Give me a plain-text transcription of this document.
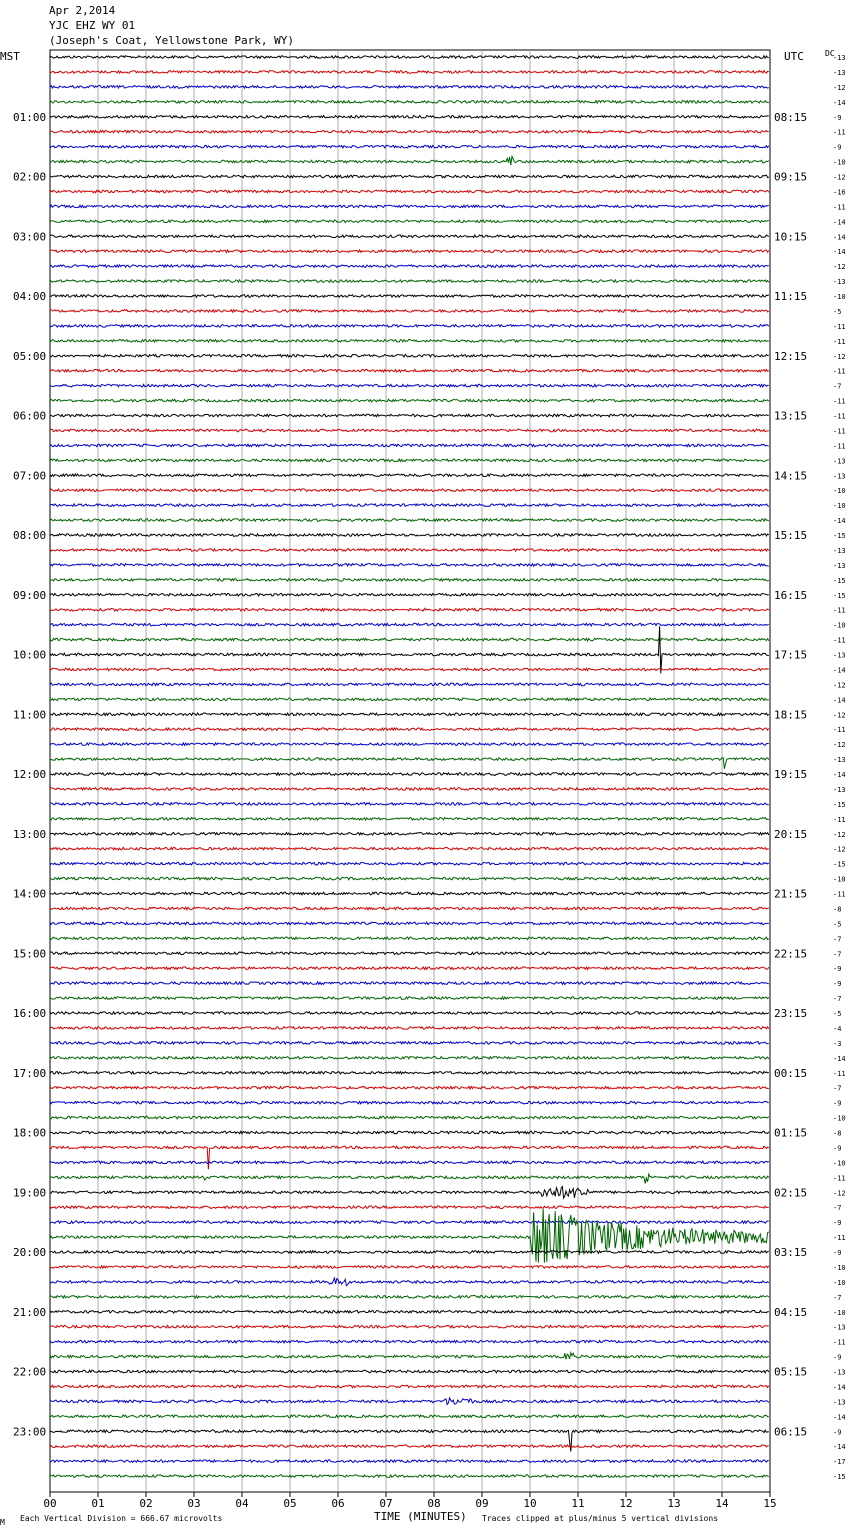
Apr 2,2014
YJC EHZ WY 01
(Joseph's Coat, Yellowstone Park, WY)
MST	UTC	DC
-13
-13
-12
-14
-9
-11
-9
-10
-12
-16
-11
-14
-14
-14
-12
-13
-10
-5
-11
-11
-12
-11
-7
-11
-11
-11
-11
-13
-13
-10
-10
-14
-15
-13
-13
-15
-15
-11
-10
-11
-13
-14
-12
-14
-12
-11
-12
-13
-14
-13
-15
-11
-12
-12
-15
-10
-11
-8
-5
-7
-7
-9
-9
-7
-5
-4
-3
-14
-11
-7
-9
-10
-8
-9
-10
-11
-12
-7
-9
-11
-9
-10
-10
-7
-10
-13
-11
-9
-13
-14
-13
-14
-9
-14
-17
-15
01:00	08:15
02:00	09:15
03:00	10:15
04:00	11:15
05:00	12:15
06:00	13:15
07:00	14:15
08:00	15:15
09:00	16:15
10:00	17:15
11:00	18:15
12:00	19:15
13:00	20:15
14:00	21:15
15:00	22:15
16:00	23:15
17:00	00:15
18:00	01:15
19:00	02:15
20:00	03:15
21:00	04:15
22:00	05:15
23:00	06:15
00	01	02	03	04	05	06	07	08	09	10	11	12	13	14	15
M Each Vertical Division = 666.67 microvolts	TIME (MINUTES) Traces clipped at plus/minus 5 vertical divisions
